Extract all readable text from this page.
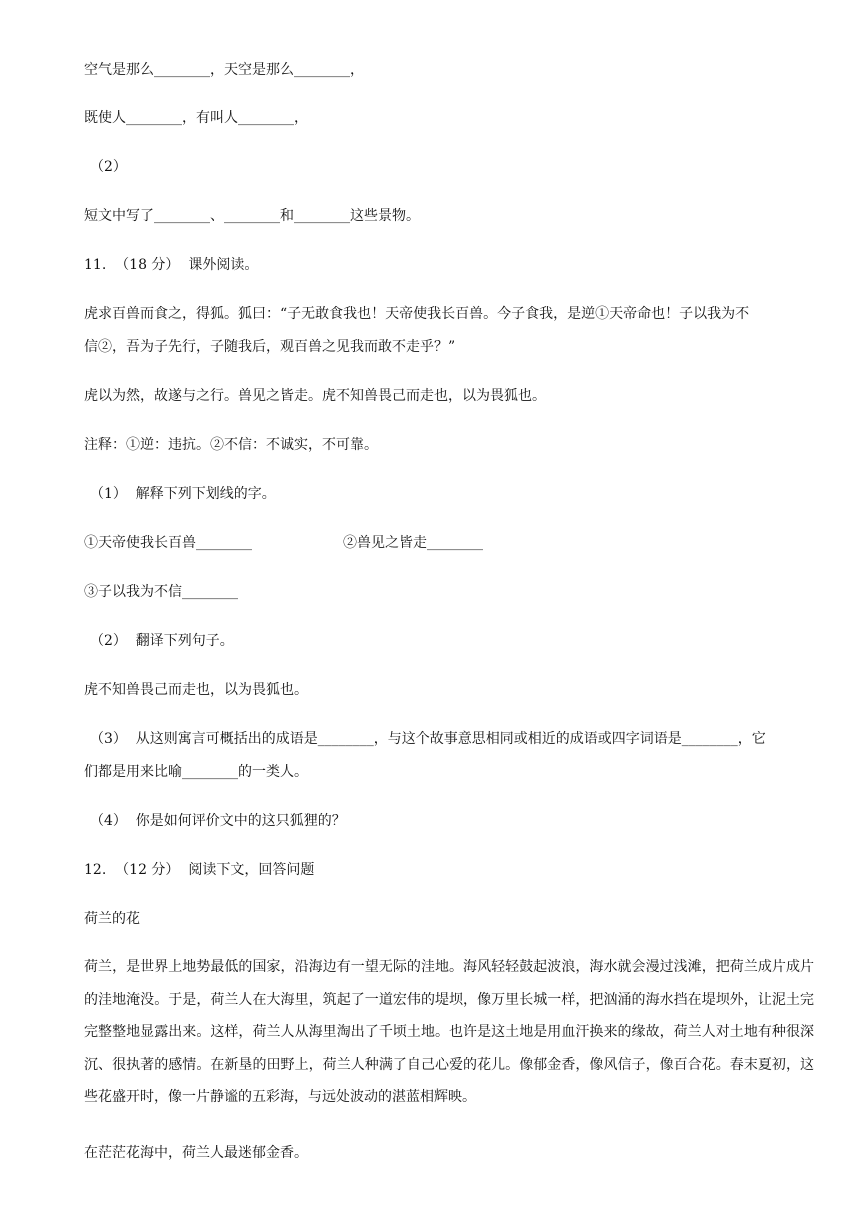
空气是那么________，天空是那么________，
既使人________，有叫人________，
（2）
短文中写了________、________和________这些景物。
11.  （18 分）  课外阅读。
虎求百兽而食之，得狐。狐曰：“子无敢食我也！天帝使我长百兽。今子食我，是逆①天帝命也！子以我为不
信②，吾为子先行，子随我后，观百兽之见我而敢不走乎？”
虎以为然，故遂与之行。兽见之皆走。虎不知兽畏己而走也，以为畏狐也。
注释：①逆：违抗。②不信：不诚实，不可靠。
（1）  解释下列下划线的字。
①天帝使我长百兽________	②兽见之皆走________
③子以我为不信________
（2）  翻译下列句子。
虎不知兽畏己而走也，以为畏狐也。
（3）  从这则寓言可概括出的成语是________，与这个故事意思相同或相近的成语或四字词语是________，它
们都是用来比喻________的一类人。
（4）  你是如何评价文中的这只狐狸的？
12.  （12 分）  阅读下文，回答问题
荷兰的花

荷兰，是世界上地势最低的国家，沿海边有一望无际的洼地。海风轻轻鼓起波浪，海水就会漫过浅滩，把荷兰成片成片的洼地淹没。于是，荷兰人在大海里，筑起了一道宏伟的堤坝，像万里长城一样，把汹涌的海水挡在堤坝外，让泥土完完整整地显露出来。这样，荷兰人从海里淘出了千顷土地。也许是这土地是用血汗换来的缘故，荷兰人对土地有种很深沉、很执著的感情。在新垦的田野上，荷兰人种满了自己心爱的花儿。像郁金香，像风信子，像百合花。春末夏初，这些花盛开时，像一片静谧的五彩海，与远处波动的湛蓝相辉映。

在茫茫花海中，荷兰人最迷郁金香。
